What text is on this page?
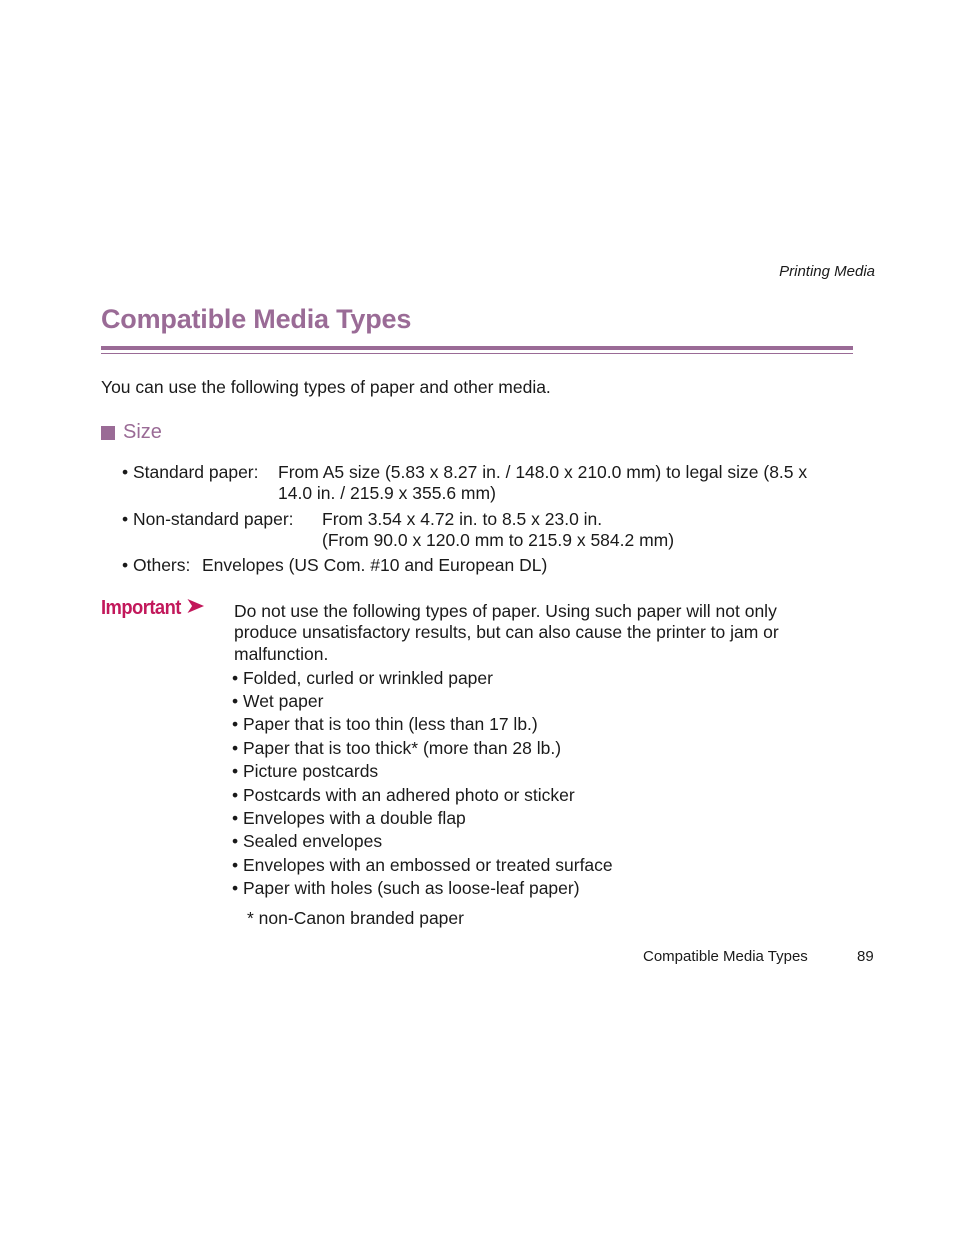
Printing Media
Compatible Media Types
You can use the following types of paper and other media.
Size
• Standard paper: From A5 size (5.83 x 8.27 in. / 148.0 x 210.0 mm) to legal size (8.5 x
14.0 in. / 215.9 x 355.6 mm)
• Non-standard paper: From 3.54 x 4.72 in. to 8.5 x 23.0 in.
(From 90.0 x 120.0 mm to 215.9 x 584.2 mm)
• Others: Envelopes (US Com. #10 and European DL)
Important	Do not use the following types of paper. Using such paper will not only
produce unsatisfactory results, but can also cause the printer to jam or
malfunction.
• Folded, curled or wrinkled paper
• Wet paper
• Paper that is too thin (less than 17 lb.)
• Paper that is too thick* (more than 28 lb.)
• Picture postcards
• Postcards with an adhered photo or sticker
• Envelopes with a double flap
• Sealed envelopes
• Envelopes with an embossed or treated surface
• Paper with holes (such as loose-leaf paper)
* non-Canon branded paper
Compatible Media Types	89
